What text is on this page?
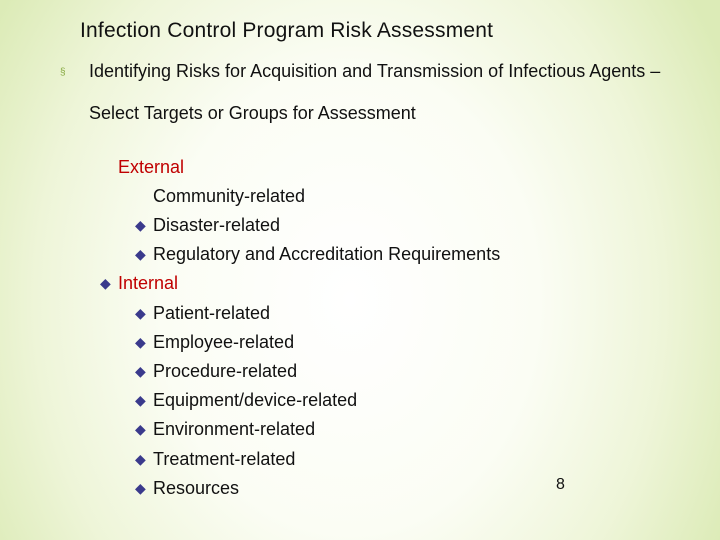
Infection Control Program Risk Assessment
§ Identifying Risks for Acquisition and Transmission of Infectious Agents –
Select Targets or Groups for Assessment
External
Community-related
◆ Disaster-related
◆ Regulatory and Accreditation Requirements
◆ Internal
◆ Patient-related
◆ Employee-related
◆ Procedure-related
◆ Equipment/device-related
◆ Environment-related
◆ Treatment-related
◆ Resources	8
